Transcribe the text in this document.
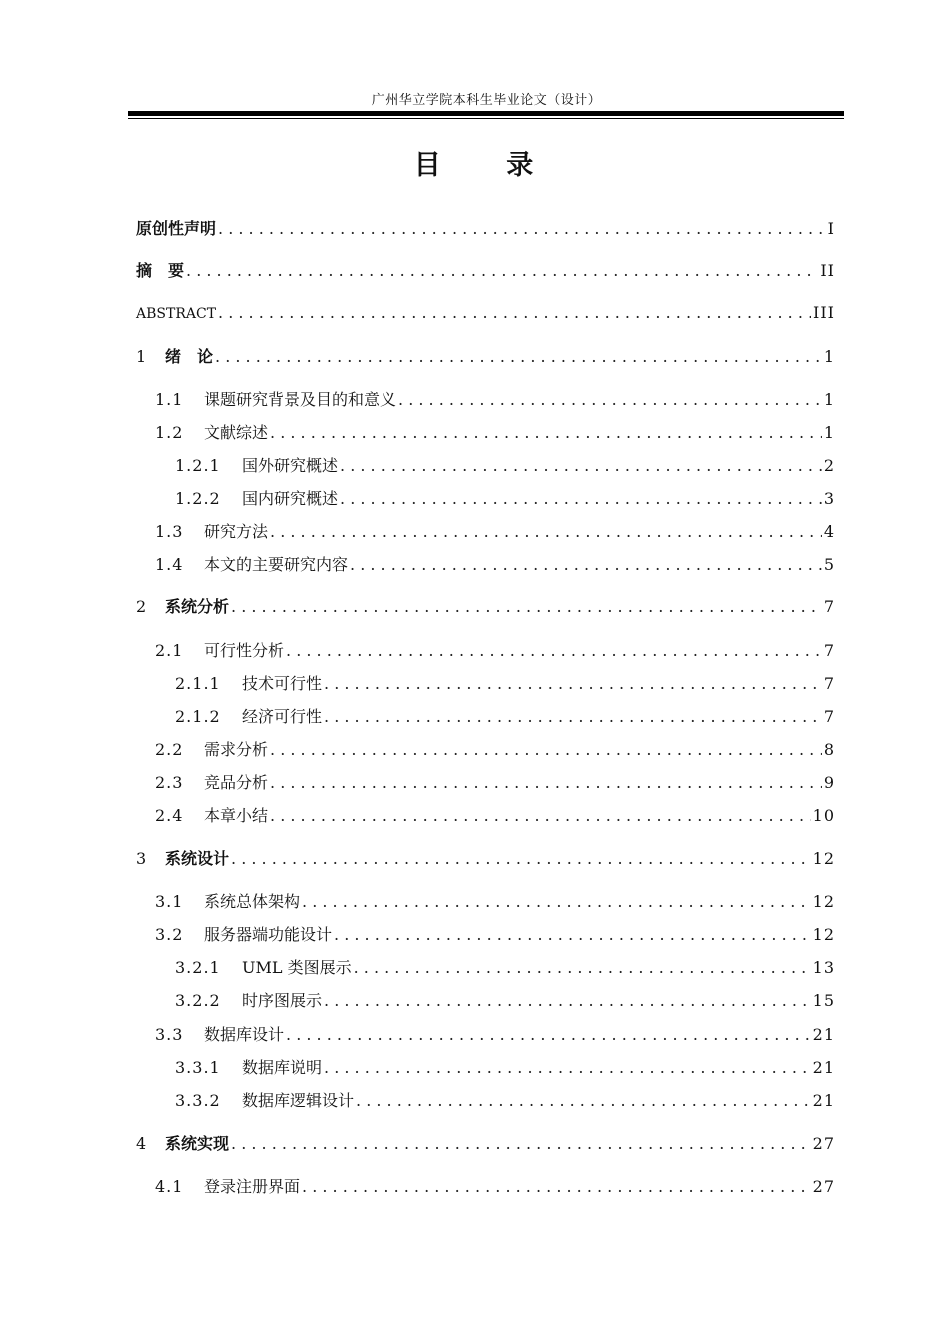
广州华立学院本科生毕业论文（设计）
目 录
原创性声明 . . .	I
摘　要 . . .	II
ABSTRACT . . .	III
1	绪　论 . . .	1
1.1	课题研究背景及目的和意义 . . .	1
1.2	文献综述 . . .	1
1.2.1	国外研究概述 . . .	2
1.2.2	国内研究概述 . . .	3
1.3	研究方法 . . .	4
1.4	本文的主要研究内容 . . .	5
2	系统分析 . . .	7
2.1	可行性分析 . . .	7
2.1.1	技术可行性 . . .	7
2.1.2	经济可行性 . . .	7
2.2	需求分析 . . .	8
2.3	竞品分析 . . .	9
2.4	本章小结 . . .	10
3	系统设计 . . .	12
3.1	系统总体架构 . . .	12
3.2	服务器端功能设计 . . .	12
3.2.1	UML 类图展示 . . .	13
3.2.2	时序图展示 . . .	15
3.3	数据库设计 . . .	21
3.3.1	数据库说明 . . .	21
3.3.2	数据库逻辑设计 . . .	21
4	系统实现 . . .	27
4.1	登录注册界面 . . .	27
